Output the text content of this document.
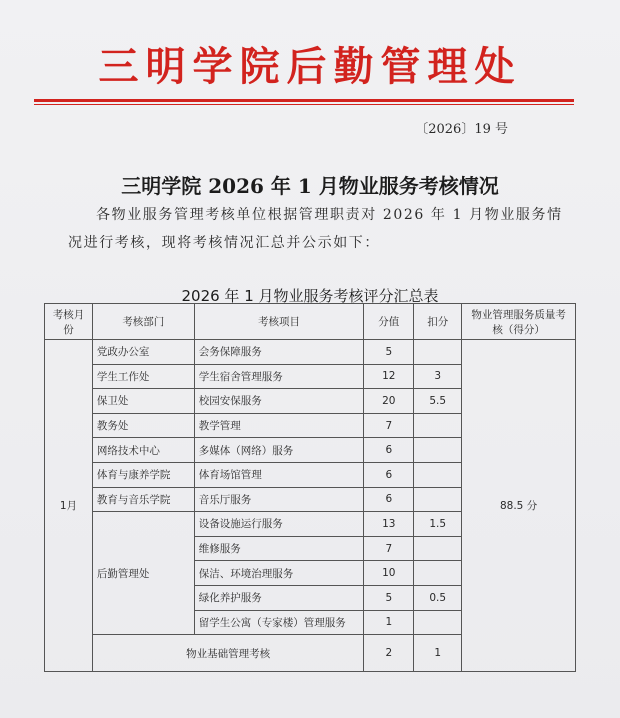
三明学院后勤管理处
〔2026〕19 号
三明学院 2026 年 1 月物业服务考核情况
各物业服务管理考核单位根据管理职责对 2026 年 1 月物业服务情况进行考核，现将考核情况汇总并公示如下：
2026 年 1 月物业服务考核评分汇总表
考核月份	考核部门	考核项目	分值	扣分	物业管理服务质量考核（得分）
1月	党政办公室	会务保障服务	5		88.5 分
	学生工作处	学生宿舍管理服务	12	3	
	保卫处	校园安保服务	20	5.5	
	教务处	教学管理	7		
	网络技术中心	多媒体（网络）服务	6		
	体育与康养学院	体育场馆管理	6		
	教育与音乐学院	音乐厅服务	6		
	后勤管理处	设备设施运行服务	13	1.5	
		维修服务	7		
		保洁、环境治理服务	10		
		绿化养护服务	5	0.5	
		留学生公寓（专家楼）管理服务	1		
	物业基础管理考核		2	1	
